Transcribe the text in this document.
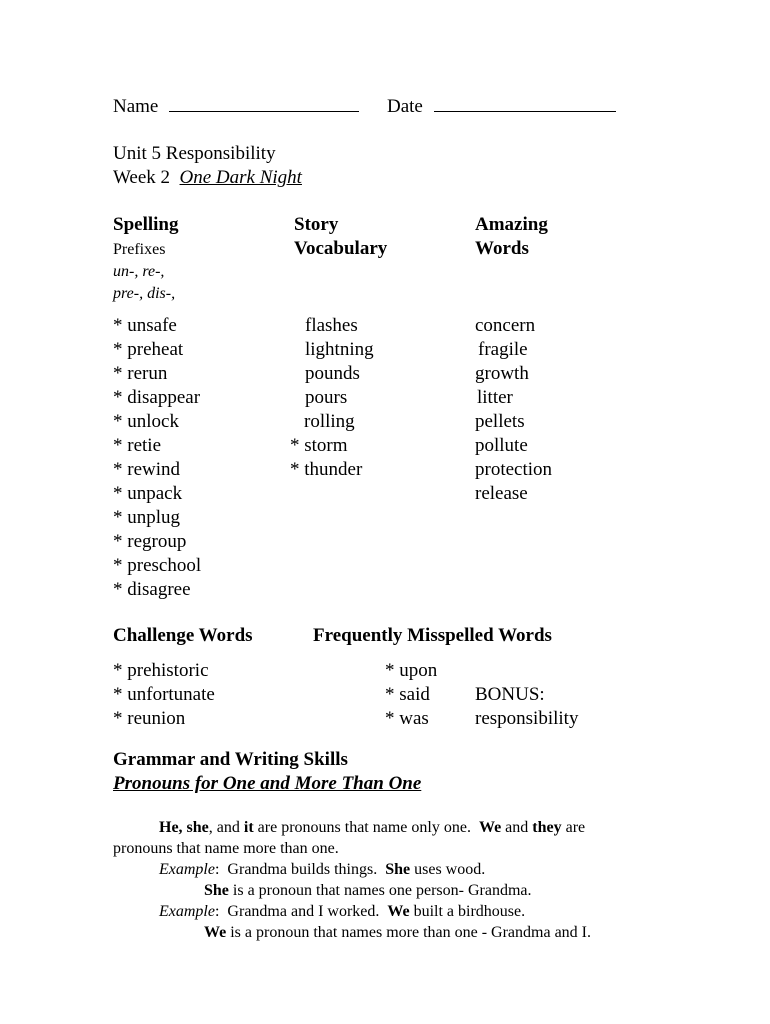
Name	Date
Unit 5 Responsibility
Week 2 One Dark Night
Spelling
Prefixes
un-, re-,
pre-, dis-,
Story
Vocabulary
Amazing
Words
* unsafe
* preheat
* rerun
* disappear
* unlock
* retie
* rewind
* unpack
* unplug
* regroup
* preschool
* disagree
flashes
lightning
pounds
pours
rolling
* storm
* thunder
concern
fragile
growth
litter
pellets
pollute
protection
release
Challenge Words	Frequently Misspelled Words
* prehistoric
* unfortunate
* reunion
* upon
* said
* was
BONUS:
responsibility
Grammar and Writing Skills
Pronouns for One and More Than One
He, she, and it are pronouns that name only one.  We and they are
pronouns that name more than one.
Example:  Grandma builds things.  She uses wood.
She is a pronoun that names one person- Grandma.
Example:  Grandma and I worked.  We built a birdhouse.
We is a pronoun that names more than one - Grandma and I.
